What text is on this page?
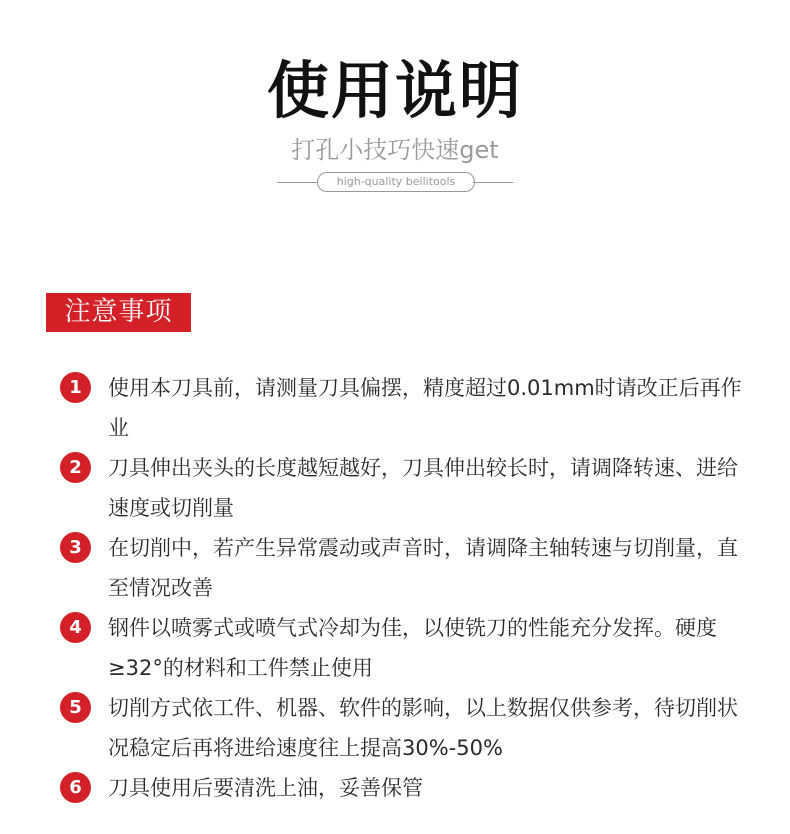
使用说明
打孔小技巧快速get
high-quality beilitools
注意事项
1	使用本刀具前，请测量刀具偏摆，精度超过0.01mm时请改正后再作业
2	刀具伸出夹头的长度越短越好，刀具伸出较长时，请调降转速、进给速度或切削量
3	在切削中，若产生异常震动或声音时，请调降主轴转速与切削量，直至情况改善
4	钢件以喷雾式或喷气式冷却为佳，以使铣刀的性能充分发挥。硬度≥32°的材料和工件禁止使用
5	切削方式依工件、机器、软件的影响，以上数据仅供参考，待切削状况稳定后再将进给速度往上提高30%-50%
6	刀具使用后要清洗上油，妥善保管
